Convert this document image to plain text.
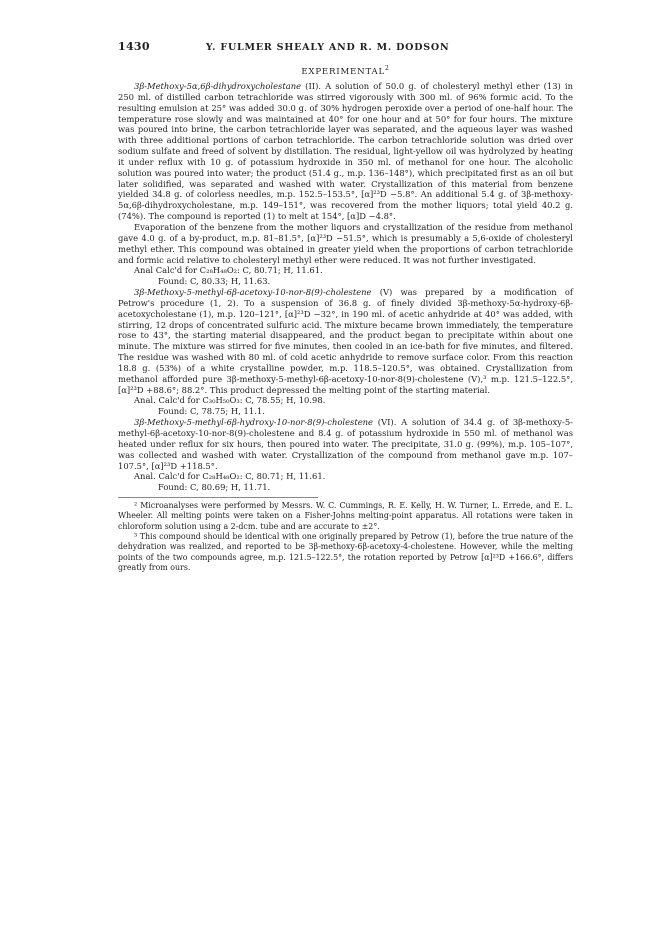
1430	Y. FULMER SHEALY AND R. M. DODSON
EXPERIMENTAL$^2$

3β-Methoxy-5α,6β-dihydroxycholestane (II). A solution of 50.0 g. of cholesteryl methyl ether (13) in 250 ml. of distilled carbon tetrachloride was stirred vigorously with 300 ml. of 96% formic acid. To the resulting emulsion at 25° was added 30.0 g. of 30% hydrogen peroxide over a period of one-half hour. The temperature rose slowly and was maintained at 40° for one hour and at 50° for four hours. The mixture was poured into brine, the carbon tetrachloride layer was separated, and the aqueous layer was washed with three additional portions of carbon tetrachloride. The carbon tetrachloride solution was dried over sodium sulfate and freed of solvent by distillation. The residual, light-yellow oil was hydrolyzed by heating it under reflux with 10 g. of potassium hydroxide in 350 ml. of methanol for one hour. The alcoholic solution was poured into water; the product (51.4 g., m.p. 136–148°), which precipitated first as an oil but later solidified, was separated and washed with water. Crystallization of this material from benzene yielded 34.8 g. of colorless needles, m.p. 152.5–153.5°, [α]²³D −5.8°. An additional 5.4 g. of 3β-methoxy-5α,6β-dihydroxycholestane, m.p. 149–151°, was recovered from the mother liquors; total yield 40.2 g. (74%). The compound is reported (1) to melt at 154°, [α]D −4.8°.

Evaporation of the benzene from the mother liquors and crystallization of the residue from methanol gave 4.0 g. of a by-product, m.p. 81–81.5°, [α]²³D −51.5°, which is presumably a 5,6-oxide of cholesteryl methyl ether. This compound was obtained in greater yield when the proportions of carbon tetrachloride and formic acid relative to cholesteryl methyl ether were reduced. It was not further investigated.

Anal Calc'd for C₂₈H₄₈O₂: C, 80.71; H, 11.61.
Found: C, 80.33; H, 11.63.

3β-Methoxy-5-methyl-6β-acetoxy-10-nor-8(9)-cholestene (V) was prepared by a modification of Petrow's procedure (1, 2). To a suspension of 36.8 g. of finely divided 3β-methoxy-5α-hydroxy-6β-acetoxycholestane (1), m.p. 120–121°, [α]²³D −32°, in 190 ml. of acetic anhydride at 40° was added, with stirring, 12 drops of concentrated sulfuric acid. The mixture became brown immediately, the temperature rose to 43°, the starting material disappeared, and the product began to precipitate within about one minute. The mixture was stirred for five minutes, then cooled in an ice-bath for five minutes, and filtered. The residue was washed with 80 ml. of cold acetic anhydride to remove surface color. From this reaction 18.8 g. (53%) of a white crystalline powder, m.p. 118.5–120.5°, was obtained. Crystallization from methanol afforded pure 3β-methoxy-5-methyl-6β-acetoxy-10-nor-8(9)-cholestene (V),³ m.p. 121.5–122.5°, [α]²³D +88.6°; 88.2°. This product depressed the melting point of the starting material.

Anal. Calc'd for C₃₀H₅₀O₃: C, 78.55; H, 10.98.
Found: C, 78.75; H, 11.1.

3β-Methoxy-5-methyl-6β-hydroxy-10-nor-8(9)-cholestene (VI). A solution of 34.4 g. of 3β-methoxy-5-methyl-6β-acetoxy-10-nor-8(9)-cholestene and 8.4 g. of potassium hydroxide in 550 ml. of methanol was heated under reflux for six hours, then poured into water. The precipitate, 31.0 g. (99%), m.p. 105–107°, was collected and washed with water. Crystallization of the compound from methanol gave m.p. 107–107.5°, [α]²³D +118.5°.

Anal. Calc'd for C₂₈H₄₈O₂: C, 80.71; H, 11.61.
Found: C, 80.69; H, 11.71.

² Microanalyses were performed by Messrs. W. C. Cummings, R. E. Kelly, H. W. Turner, L. Errede, and E. L. Wheeler. All melting points were taken on a Fisher-Johns melting-point apparatus. All rotations were taken in chloroform solution using a 2-dcm. tube and are accurate to ±2°.

³ This compound should be identical with one originally prepared by Petrow (1), before the true nature of the dehydration was realized, and reported to be 3β-methoxy-6β-acetoxy-4-cholestene. However, while the melting points of the two compounds agree, m.p. 121.5–122.5°, the rotation reported by Petrow [α]²³D +166.6°, differs greatly from ours.
